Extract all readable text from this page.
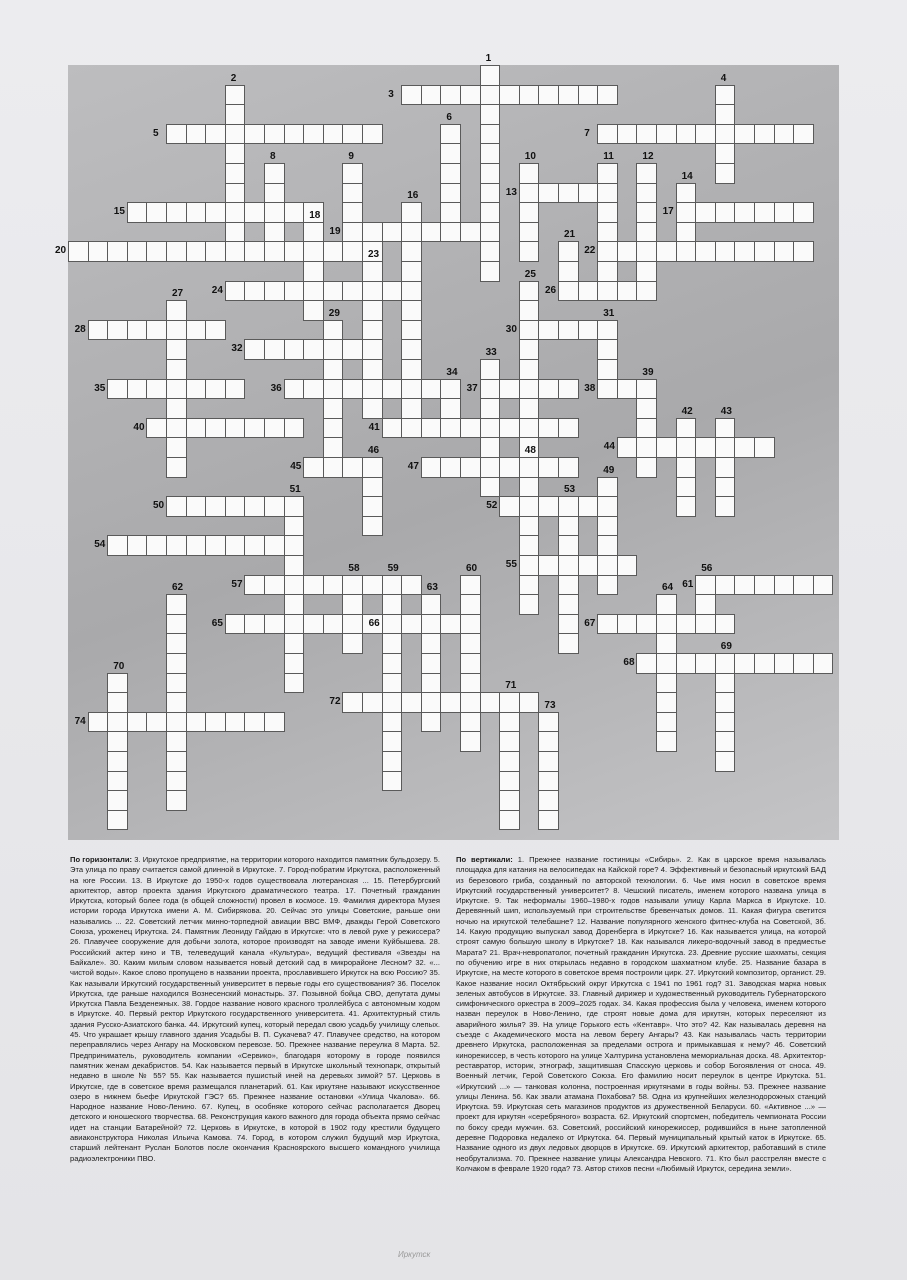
1
2
3
4
5
6
7
8	9	10	11	12
13
14
15
16
17
18
19
20
21
22
23
24
25
26
27
28
29
30
31
32	33
34
35	36	37	38
39
40	41
42	43
44
45
46
47
48
49
50
51
52
53
54
55	56
57
58	59	60
61
62	63	64
65	66	67
68
69
70
71
72	73
74
По горизонтали: 3. Иркутское предприятие, на территории которого находится памятник бульдозеру. 5. Эта улица по праву считается самой длинной в Иркутске. 7. Город-побратим Иркутска, расположенный на юге России. 13. В Иркутске до 1950-х годов существовала лютеранская ... 15. Петербургский архитектор, автор проекта здания Иркутского драматического театра. 17. Почетный гражданин Иркутска, который более года (в общей сложности) провел в космосе. 19. Фамилия директора Музея истории города Иркутска имени А. М. Сибирякова. 20. Сейчас это улицы Советские, раньше они назывались ... 22. Советский летчик минно-торпедной авиации ВВС ВМФ, дважды Герой Советского Союза, уроженец Иркутска. 24. Памятник Леониду Гайдаю в Иркутске: что в левой руке у режиссера? 26. Плавучее сооружение для добычи золота, которое производят на заводе имени Куйбышева. 28. Российский актер кино и ТВ, телеведущий канала «Культура», ведущий фестиваля «Звезды на Байкале». 30. Каким милым словом называется новый детский сад в микрорайоне Лесном? 32. «... чистой воды». Какое слово пропущено в названии проекта, прославившего Иркутск на всю Россию? 35. Как называли Иркутский государственный университет в первые годы его существования? 36. Поселок Иркутска, где раньше находился Вознесенский монастырь. 37. Позывной бойца СВО, депутата думы Иркутска Павла Безденежных. 38. Гордое название нового красного троллейбуса с автономным ходом в Иркутске. 40. Первый ректор Иркутского государственного университета. 41. Архитектурный стиль здания Русско-Азиатского банка. 44. Иркутский купец, который передал свою усадьбу училищу слепых. 45. Что украшает крышу главного здания Усадьбы В. П. Сукачева? 47. Плавучее средство, на котором переправлялись через Ангару на Московском перевозе. 50. Прежнее название переулка 8 Марта. 52. Предприниматель, руководитель компании «Сервико», благодаря которому в городе появился памятник женам декабристов. 54. Как называется первый в Иркутске школьный технопарк, открытый недавно в школе № 55? 55. Как называется пушистый иней на деревьях зимой? 57. Церковь в Иркутске, где в советское время размещался планетарий. 61. Как иркутяне называют искусственное озеро в нижнем бьефе Иркутской ГЭС? 65. Прежнее название остановки «Улица Чкалова». 66. Народное название Ново-Ленино. 67. Купец, в особняке которого сейчас располагается Дворец детского и юношеского творчества. 68. Реконструкция какого важного для города объекта прямо сейчас идет на станции Батарейной? 72. Церковь в Иркутске, в которой в 1902 году крестили будущего авиаконструктора Николая Ильича Камова. 74. Город, в котором служил будущий мэр Иркутска, старший лейтенант Руслан Болотов после окончания Красноярского высшего командного училища радиоэлектроники ПВО.
По вертикали: 1. Прежнее название гостиницы «Сибирь». 2. Как в царское время называлась площадка для катания на велосипедах на Кайской горе? 4. Эффективный и безопасный иркутский БАД из березового гриба, созданный по авторской технологии. 6. Чье имя носил в советское время Иркутский государственный университет? 8. Чешский писатель, именем которого названа улица в Иркутске. 9. Так неформалы 1960–1980-х годов называли улицу Карла Маркса в Иркутске. 10. Деревянный шип, используемый при строительстве бревенчатых домов. 11. Какая фигура светится ночью на иркутской телебашне? 12. Название популярного женского фитнес-клуба на Советской, 3б. 14. Какую продукцию выпускал завод Доренберга в Иркутске? 16. Как называется улица, на которой строят самую большую школу в Иркутске? 18. Как назывался ликеро-водочный завод в предместье Марата? 21. Врач-невропатолог, почетный гражданин Иркутска. 23. Древние русские шахматы, секция по обучению игре в них открылась недавно в городском шахматном клубе. 25. Название базара в Иркутске, на месте которого в советское время построили цирк. 27. Иркутский композитор, органист. 29. Какое название носил Октябрьский округ Иркутска с 1941 по 1961 год? 31. Заводская марка новых зеленых автобусов в Иркутске. 33. Главный дирижер и художественный руководитель Губернаторского симфонического оркестра в 2009–2025 годах. 34. Какая профессия была у человека, именем которого назван переулок в Ново-Ленино, где строят новые дома для иркутян, которых переселяют из аварийного жилья? 39. На улице Горького есть «Кентавр». Что это? 42. Как называлась деревня на съезде с Академического моста на левом берегу Ангары? 43. Как называлась часть территории древнего Иркутска, расположенная за пределами острога и примыкавшая к нему? 46. Советский кинорежиссер, в честь которого на улице Халтурина установлена мемориальная доска. 48. Архитектор-реставратор, историк, этнограф, защитившая Спасскую церковь и собор Богоявления от сноса. 49. Военный летчик, Герой Советского Союза. Его фамилию носит переулок в центре Иркутска. 51. «Иркутский ...» — танковая колонна, построенная иркутянами в годы войны. 53. Прежнее название улицы Ленина. 56. Как звали атамана Похабова? 58. Одна из крупнейших железнодорожных станций Иркутска. 59. Иркутская сеть магазинов продуктов из дружественной Беларуси. 60. «Активное ...» — проект для иркутян «серебряного» возраста. 62. Иркутский спортсмен, победитель чемпионата России по боксу среди мужчин. 63. Советский, российский кинорежиссер, родившийся в ныне затопленной деревне Подоровка недалеко от Иркутска. 64. Первый муниципальный крытый каток в Иркутске. 65. Название одного из двух ледовых дворцов в Иркутске. 69. Иркутский архитектор, работавший в стиле необрутализма. 70. Прежнее название улицы Александра Невского. 71. Кто был расстрелян вместе с Колчаком в феврале 1920 года? 73. Автор стихов песни «Любимый Иркутск, середина земли».
Иркутск
